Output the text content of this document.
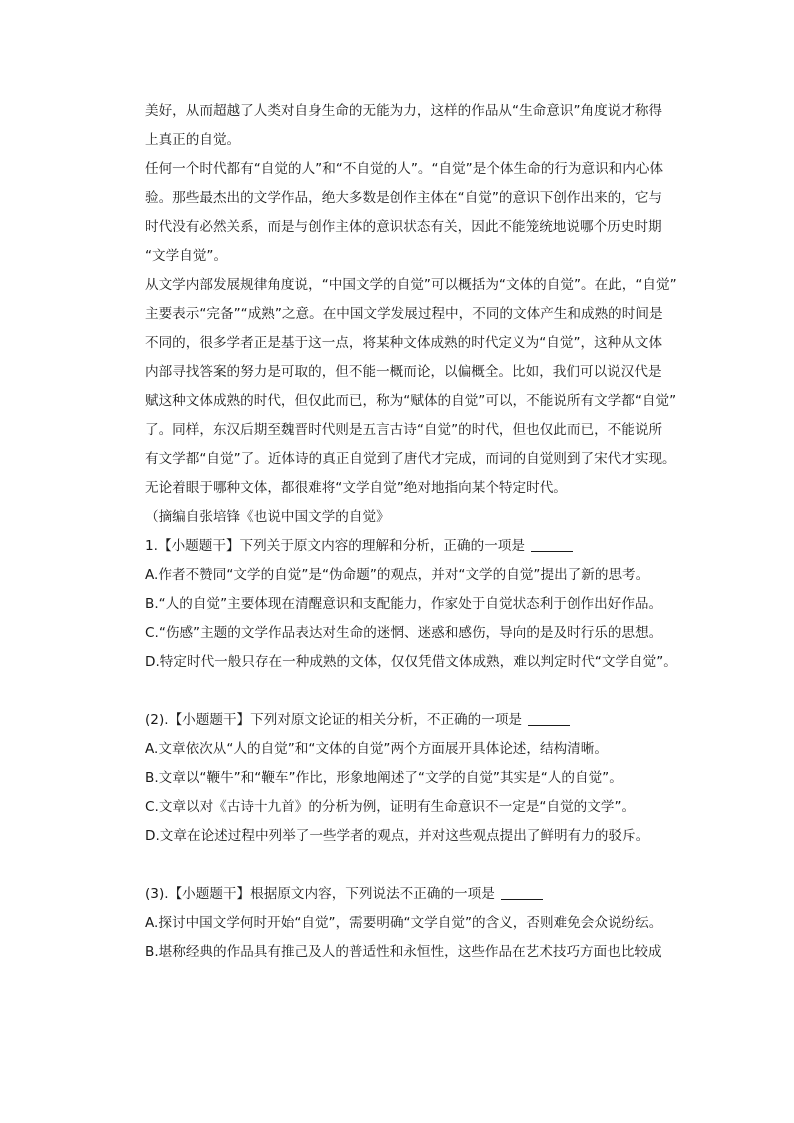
美好，从而超越了人类对自身生命的无能为力，这样的作品从“生命意识”角度说才称得
上真正的自觉。
任何一个时代都有“自觉的人”和“不自觉的人”。“自觉”是个体生命的行为意识和内心体
验。那些最杰出的文学作品，绝大多数是创作主体在“自觉”的意识下创作出来的，它与
时代没有必然关系，而是与创作主体的意识状态有关，因此不能笼统地说哪个历史时期
“文学自觉”。
从文学内部发展规律角度说，“中国文学的自觉”可以概括为“文体的自觉”。在此，“自觉”
主要表示“完备”“成熟”之意。在中国文学发展过程中，不同的文体产生和成熟的时间是
不同的，很多学者正是基于这一点，将某种文体成熟的时代定义为“自觉”，这种从文体
内部寻找答案的努力是可取的，但不能一概而论，以偏概全。比如，我们可以说汉代是
赋这种文体成熟的时代，但仅此而已，称为“赋体的自觉”可以，不能说所有文学都“自觉”
了。同样，东汉后期至魏晋时代则是五言古诗“自觉”的时代，但也仅此而已，不能说所
有文学都“自觉”了。近体诗的真正自觉到了唐代才完成，而词的自觉则到了宋代才实现。
无论着眼于哪种文体，都很难将“文学自觉”绝对地指向某个特定时代。
（摘编自张培锋《也说中国文学的自觉》
1.【小题题干】下列关于原文内容的理解和分析，正确的一项是
A.作者不赞同“文学的自觉”是“伪命题”的观点，并对“文学的自觉”提出了新的思考。
B.“人的自觉”主要体现在清醒意识和支配能力，作家处于自觉状态利于创作出好作品。
C.“伤感”主题的文学作品表达对生命的迷惘、迷惑和感伤，导向的是及时行乐的思想。
D.特定时代一般只存在一种成熟的文体，仅仅凭借文体成熟，难以判定时代“文学自觉”。
(2).【小题题干】下列对原文论证的相关分析，不正确的一项是
A.文章依次从“人的自觉”和“文体的自觉”两个方面展开具体论述，结构清晰。
B.文章以“鞭牛”和“鞭车”作比，形象地阐述了“文学的自觉”其实是“人的自觉”。
C.文章以对《古诗十九首》的分析为例，证明有生命意识不一定是“自觉的文学”。
D.文章在论述过程中列举了一些学者的观点，并对这些观点提出了鲜明有力的驳斥。
(3).【小题题干】根据原文内容，下列说法不正确的一项是
A.探讨中国文学何时开始“自觉”，需要明确“文学自觉”的含义，否则难免会众说纷纭。
B.堪称经典的作品具有推己及人的普适性和永恒性，这些作品在艺术技巧方面也比较成
